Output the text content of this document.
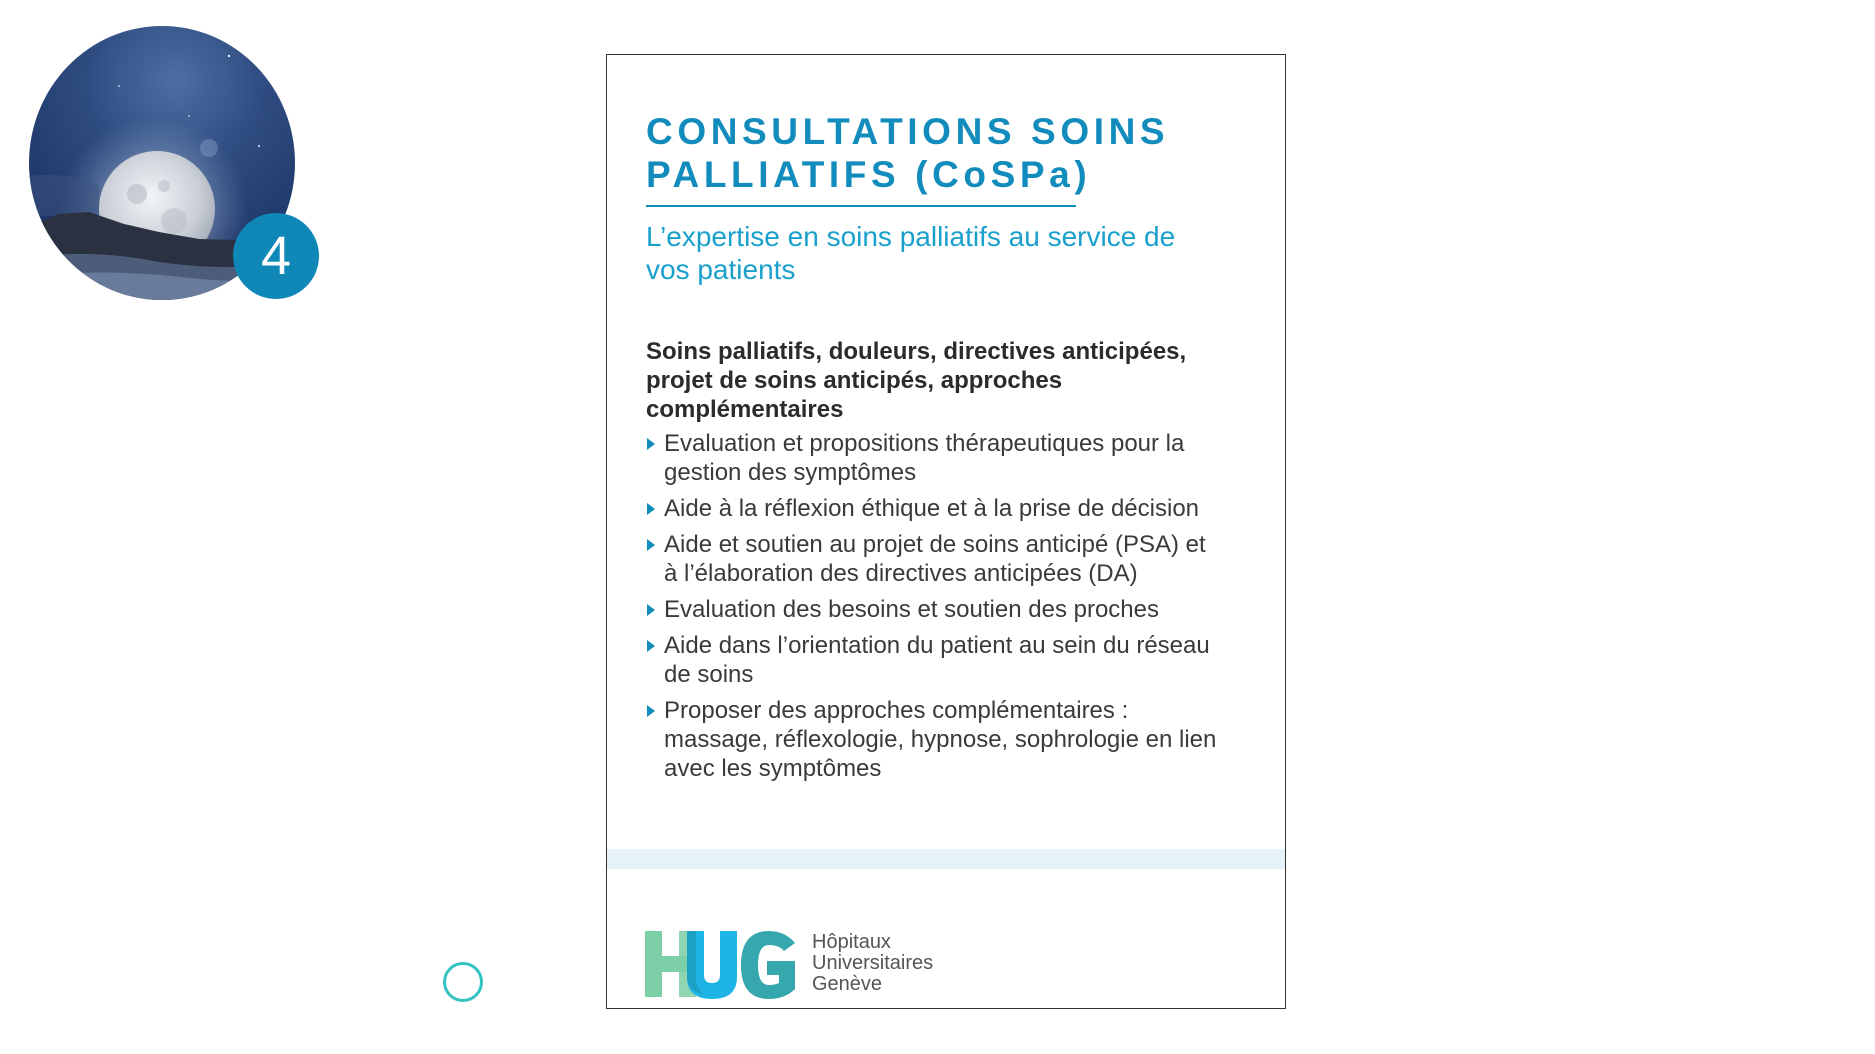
4
CONSULTATIONS SOINS
PALLIATIFS (CoSPa)
L’expertise en soins palliatifs au service de
vos patients
Soins palliatifs, douleurs, directives anticipées,
projet de soins anticipés, approches
complémentaires
Evaluation et propositions thérapeutiques pour la
gestion des symptômes
Aide à la réflexion éthique et à la prise de décision
Aide et soutien au projet de soins anticipé (PSA) et
à l’élaboration des directives anticipées (DA)
Evaluation des besoins et soutien des proches
Aide dans l’orientation du patient au sein du réseau
de soins
Proposer des approches complémentaires :
massage, réflexologie, hypnose, sophrologie en lien
avec les symptômes
Hôpitaux
Universitaires
Genève
